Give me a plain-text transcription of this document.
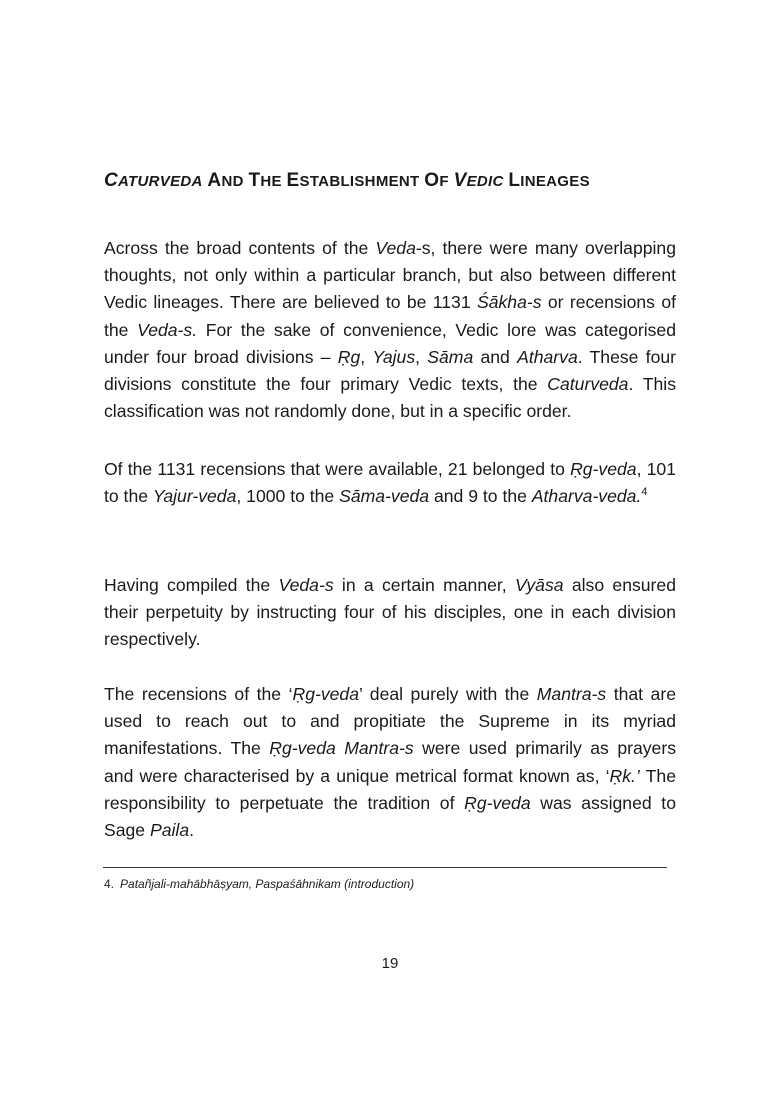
CATURVEDA AND THE ESTABLISHMENT OF VEDIC LINEAGES

Across the broad contents of the Veda-s, there were many overlapping thoughts, not only within a particular branch, but also between different Vedic lineages. There are believed to be 1131 Śākha-s or recensions of the Veda-s. For the sake of convenience, Vedic lore was categorised under four broad divisions – Ṛg, Yajus, Sāma and Atharva. These four divisions constitute the four primary Vedic texts, the Caturveda. This classification was not randomly done, but in a specific order.

Of the 1131 recensions that were available, 21 belonged to Ṛg-veda, 101 to the Yajur-veda, 1000 to the Sāma-veda and 9 to the Atharva-veda.$^4$

Having compiled the Veda-s in a certain manner, Vyāsa also ensured their perpetuity by instructing four of his disciples, one in each division respectively.

The recensions of the ‘Ṛg-veda’ deal purely with the Mantra-s that are used to reach out to and propitiate the Supreme in its myriad manifestations. The Ṛg-veda Mantra-s were used primarily as prayers and were characterised by a unique metrical format known as, ‘Ṛk.’ The responsibility to perpetuate the tradition of Ṛg-veda was assigned to Sage Paila.

4. Patañjali-mahābhāṣyam, Paspaśāhnikam (introduction)

19
